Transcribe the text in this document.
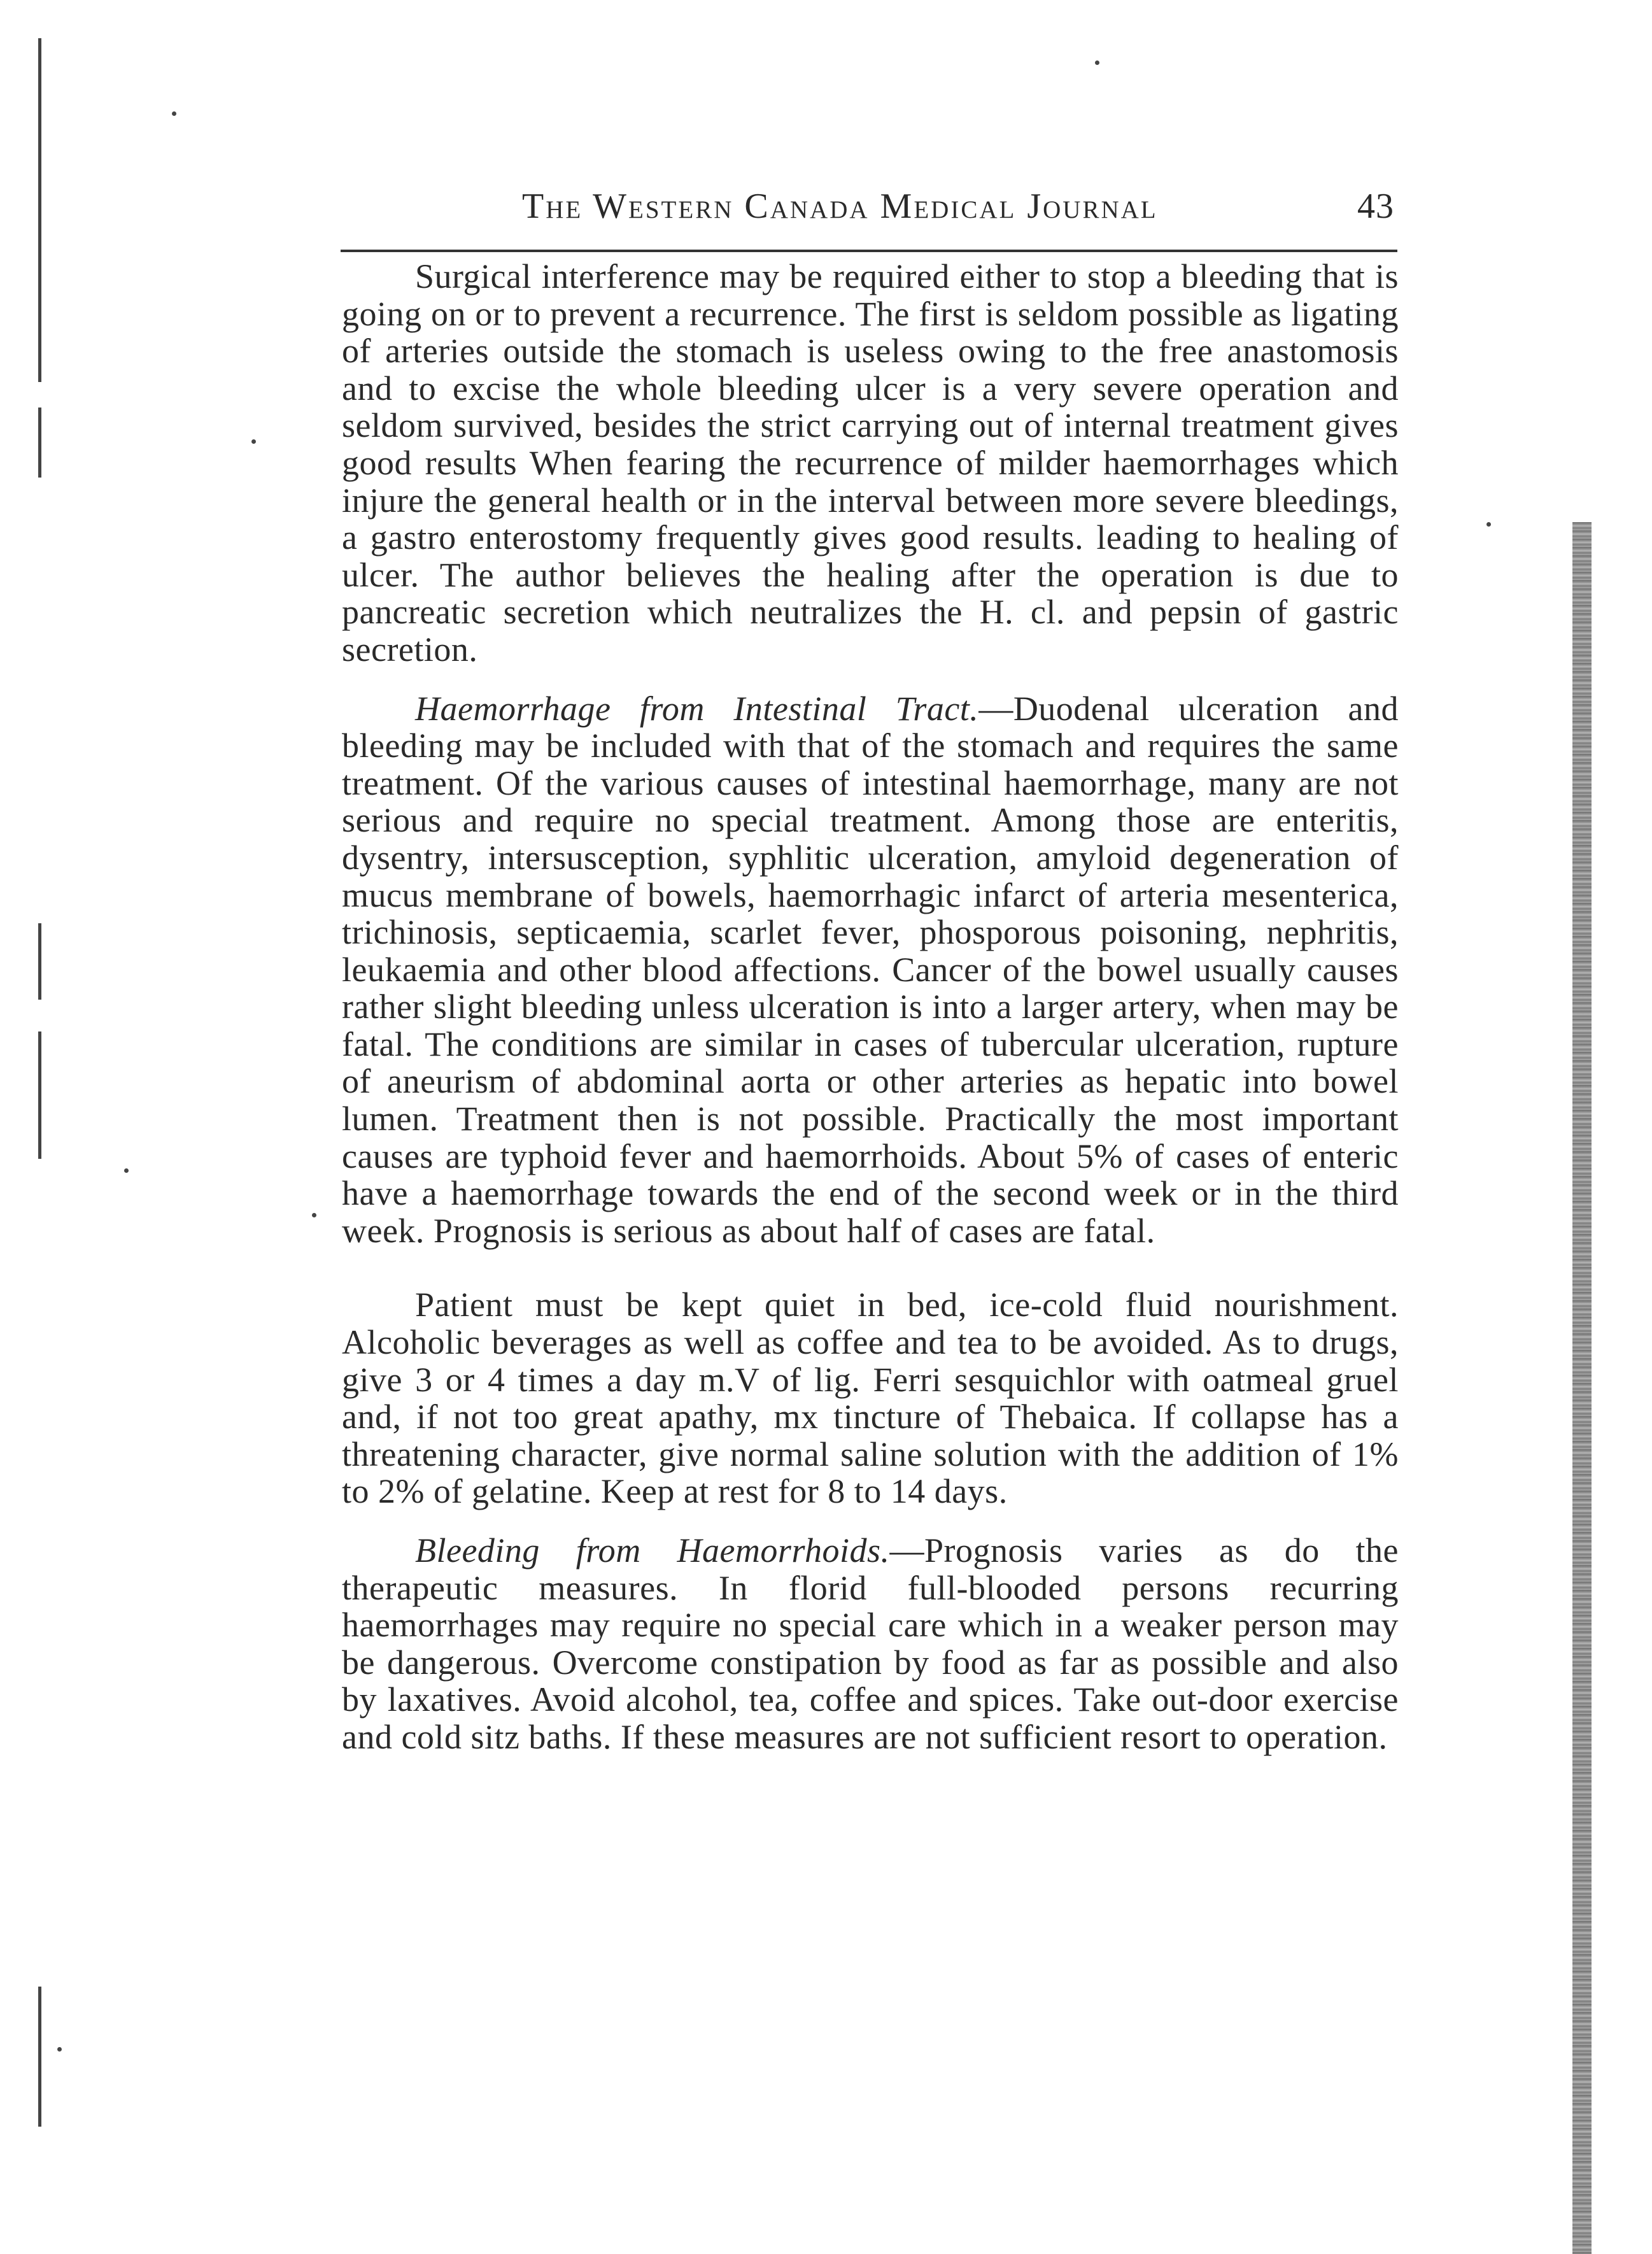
The Western Canada Medical Journal	43

Surgical interference may be required either to stop a bleeding that is going on or to prevent a recurrence. The first is seldom possible as ligating of arteries outside the stomach is useless owing to the free anastomosis and to excise the whole bleeding ulcer is a very severe operation and seldom survived, besides the strict carrying out of internal treatment gives good results When fearing the recurrence of milder haemorrhages which injure the general health or in the interval between more severe bleedings, a gastro enterostomy frequently gives good results. leading to healing of ulcer. The author believes the healing after the operation is due to pancreatic secretion which neutralizes the H. cl. and pepsin of gastric secretion.

Haemorrhage from Intestinal Tract.—Duodenal ulceration and bleeding may be included with that of the stomach and requires the same treatment. Of the various causes of intestinal haemorrhage, many are not serious and require no special treatment. Among those are enteritis, dysentry, intersusception, syphlitic ulceration, amyloid degeneration of mucus membrane of bowels, haemorrhagic infarct of arteria mesenterica, trichinosis, septicaemia, scarlet fever, phosporous poisoning, nephritis, leukaemia and other blood affections. Cancer of the bowel usually causes rather slight bleeding unless ulceration is into a larger artery, when may be fatal. The conditions are similar in cases of tubercular ulceration, rupture of aneurism of abdominal aorta or other arteries as hepatic into bowel lumen. Treatment then is not possible. Practically the most important causes are typhoid fever and haemorrhoids. About 5% of cases of enteric have a haemorrhage towards the end of the second week or in the third week. Prognosis is serious as about half of cases are fatal.

Patient must be kept quiet in bed, ice-cold fluid nourishment. Alcoholic beverages as well as coffee and tea to be avoided. As to drugs, give 3 or 4 times a day m.V of lig. Ferri sesquichlor with oatmeal gruel and, if not too great apathy, mx tincture of Thebaica. If collapse has a threatening character, give normal saline solution with the addition of 1% to 2% of gelatine. Keep at rest for 8 to 14 days.

Bleeding from Haemorrhoids.—Prognosis varies as do the therapeutic measures. In florid full-blooded persons recurring haemorrhages may require no special care which in a weaker person may be dangerous. Overcome constipation by food as far as possible and also by laxatives. Avoid alcohol, tea, coffee and spices. Take out-door exercise and cold sitz baths. If these measures are not sufficient resort to operation.
